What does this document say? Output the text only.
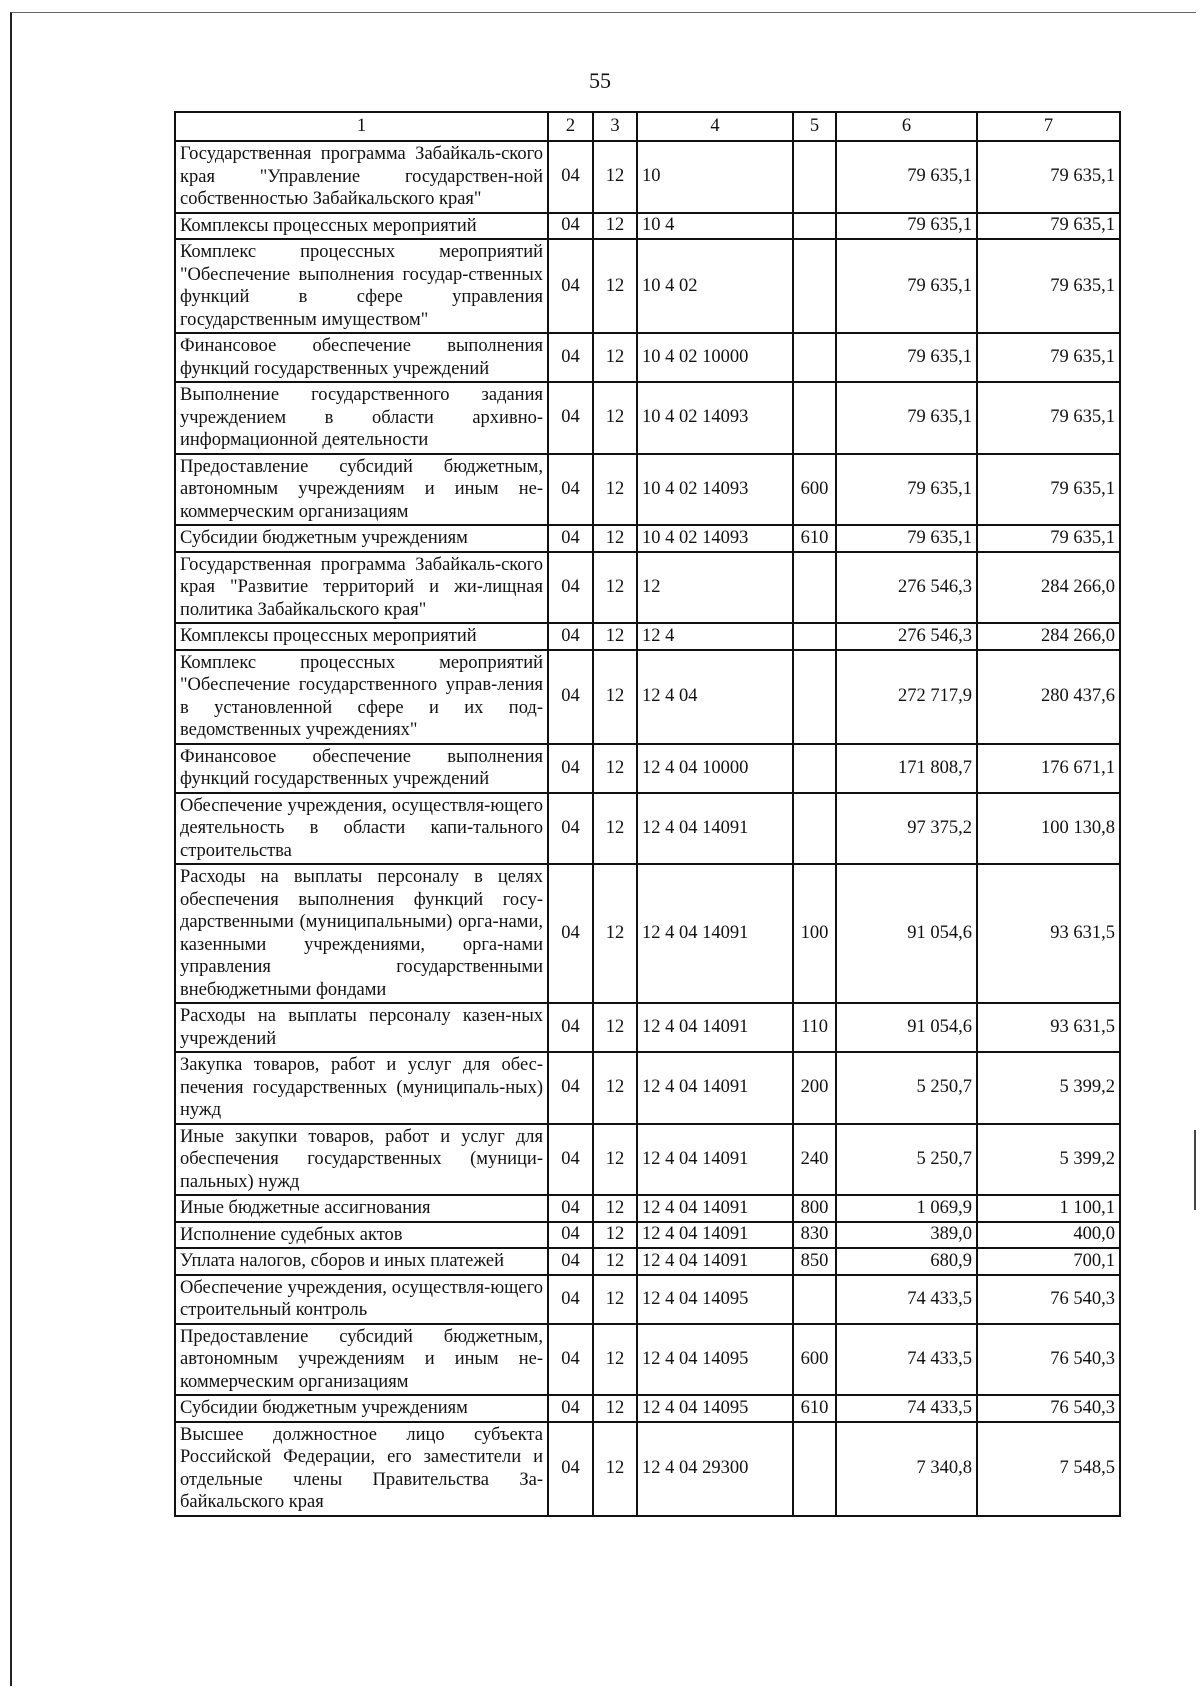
55
1	2	3	4	5	6	7
Государственная программа Забайкаль-ского края "Управление государствен-ной собственностью Забайкальского края"	04	12	10		79 635,1	79 635,1
Комплексы процессных мероприятий	04	12	10 4		79 635,1	79 635,1
Комплекс процессных мероприятий "Обеспечение выполнения государ-ственных функций в сфере управления государственным имуществом"	04	12	10 4 02		79 635,1	79 635,1
Финансовое обеспечение выполнения функций государственных учреждений	04	12	10 4 02 10000		79 635,1	79 635,1
Выполнение государственного задания учреждением в области архивно-информационной деятельности	04	12	10 4 02 14093		79 635,1	79 635,1
Предоставление субсидий бюджетным, автономным учреждениям и иным не-коммерческим организациям	04	12	10 4 02 14093	600	79 635,1	79 635,1
Субсидии бюджетным учреждениям	04	12	10 4 02 14093	610	79 635,1	79 635,1
Государственная программа Забайкаль-ского края "Развитие территорий и жи-лищная политика Забайкальского края"	04	12	12		276 546,3	284 266,0
Комплексы процессных мероприятий	04	12	12 4		276 546,3	284 266,0
Комплекс процессных мероприятий "Обеспечение государственного управ-ления в установленной сфере и их под-ведомственных учреждениях"	04	12	12 4 04		272 717,9	280 437,6
Финансовое обеспечение выполнения функций государственных учреждений	04	12	12 4 04 10000		171 808,7	176 671,1
Обеспечение учреждения, осуществля-ющего деятельность в области капи-тального строительства	04	12	12 4 04 14091		97 375,2	100 130,8
Расходы на выплаты персоналу в целях обеспечения выполнения функций госу-дарственными (муниципальными) орга-нами, казенными учреждениями, орга-нами управления государственными внебюджетными фондами	04	12	12 4 04 14091	100	91 054,6	93 631,5
Расходы на выплаты персоналу казен-ных учреждений	04	12	12 4 04 14091	110	91 054,6	93 631,5
Закупка товаров, работ и услуг для обес-печения государственных (муниципаль-ных) нужд	04	12	12 4 04 14091	200	5 250,7	5 399,2
Иные закупки товаров, работ и услуг для обеспечения государственных (муници-пальных) нужд	04	12	12 4 04 14091	240	5 250,7	5 399,2
Иные бюджетные ассигнования	04	12	12 4 04 14091	800	1 069,9	1 100,1
Исполнение судебных актов	04	12	12 4 04 14091	830	389,0	400,0
Уплата налогов, сборов и иных платежей	04	12	12 4 04 14091	850	680,9	700,1
Обеспечение учреждения, осуществля-ющего строительный контроль	04	12	12 4 04 14095		74 433,5	76 540,3
Предоставление субсидий бюджетным, автономным учреждениям и иным не-коммерческим организациям	04	12	12 4 04 14095	600	74 433,5	76 540,3
Субсидии бюджетным учреждениям	04	12	12 4 04 14095	610	74 433,5	76 540,3
Высшее должностное лицо субъекта Российской Федерации, его заместители и отдельные члены Правительства За-байкальского края	04	12	12 4 04 29300		7 340,8	7 548,5
